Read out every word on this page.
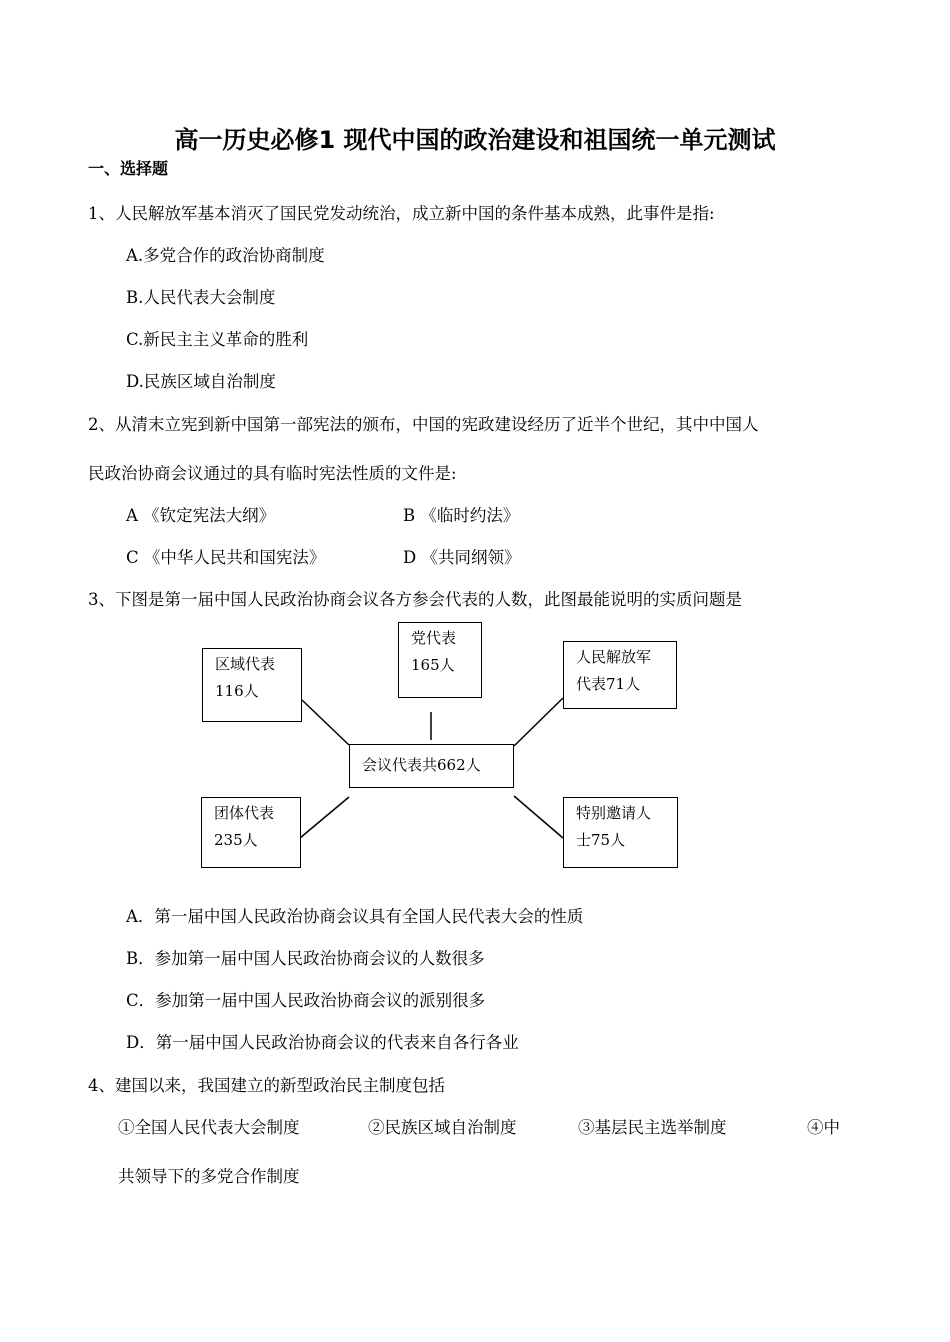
高一历史必修1 现代中国的政治建设和祖国统一单元测试
一、选择题
1、人民解放军基本消灭了国民党发动统治，成立新中国的条件基本成熟，此事件是指:
A.多党合作的政治协商制度
B.人民代表大会制度
C.新民主主义革命的胜利
D.民族区域自治制度
2、从清末立宪到新中国第一部宪法的颁布，中国的宪政建设经历了近半个世纪，其中中国人
民政治协商会议通过的具有临时宪法性质的文件是:
A 《钦定宪法大纲》	B 《临时约法》
C 《中华人民共和国宪法》	D 《共同纲领》
3、下图是第一届中国人民政治协商会议各方参会代表的人数，此图最能说明的实质问题是
区域代表
116人
党代表
165人	人民解放军
代表71人
会议代表共662人
团体代表
235人
特别邀请人
士75人
A．第一届中国人民政治协商会议具有全国人民代表大会的性质
B．参加第一届中国人民政治协商会议的人数很多
C．参加第一届中国人民政治协商会议的派别很多
D．第一届中国人民政治协商会议的代表来自各行各业
4、建国以来，我国建立的新型政治民主制度包括
①全国人民代表大会制度	②民族区域自治制度	③基层民主选举制度	④中
共领导下的多党合作制度
